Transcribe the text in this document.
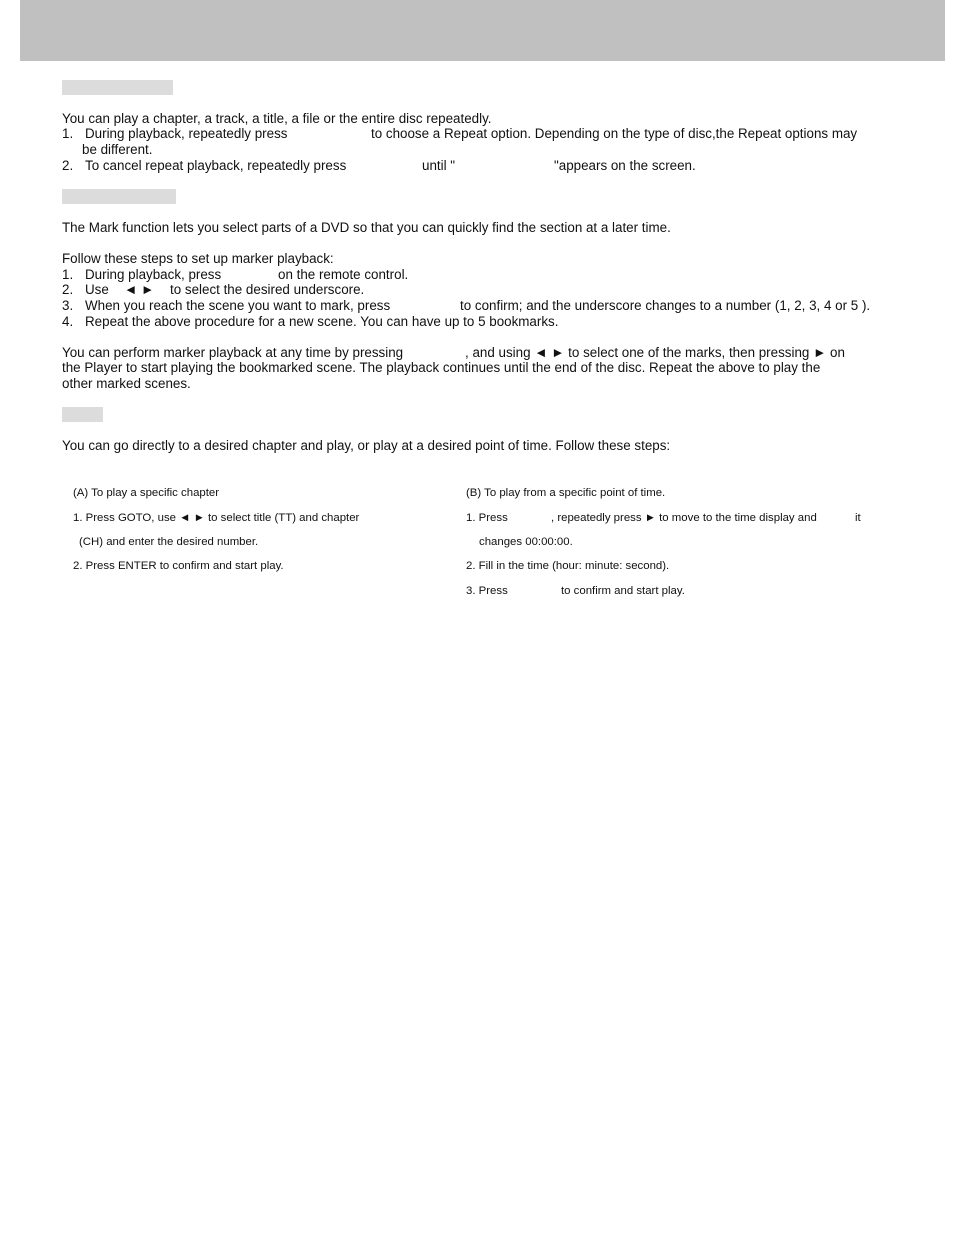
You can play a chapter, a track, a title, a file or the entire disc repeatedly.
1. During playback, repeatedly press	to choose a Repeat option. Depending on the type of disc,the Repeat options may
be different.
2. To cancel repeat playback, repeatedly press	until "	"appears on the screen.
The Mark function lets you select parts of a DVD so that you can quickly find the section at a later time.
Follow these steps to set up marker playback:
1. During playback, press	on the remote control.
2. Use ◄ ► to select the desired underscore.
3. When you reach the scene you want to mark, press	to confirm; and the underscore changes to a number (1, 2, 3, 4 or 5 ).
4. Repeat the above procedure for a new scene. You can have up to 5 bookmarks.
You can perform marker playback at any time by pressing	, and using ◄ ► to select one of the marks, then pressing ► on
the Player to start playing the bookmarked scene. The playback continues until the end of the disc. Repeat the above to play the
other marked scenes.
You can go directly to a desired chapter and play, or play at a desired point of time. Follow these steps:
(A) To play a specific chapter
1. Press GOTO, use ◄ ► to select title (TT) and chapter
(CH) and enter the desired number.
2. Press ENTER to confirm and start play.
(B) To play from a specific point of time.
1. Press	, repeatedly press ► to move to the time display and	it
changes 00:00:00.
2. Fill in the time (hour: minute: second).
3. Press	to confirm and start play.
